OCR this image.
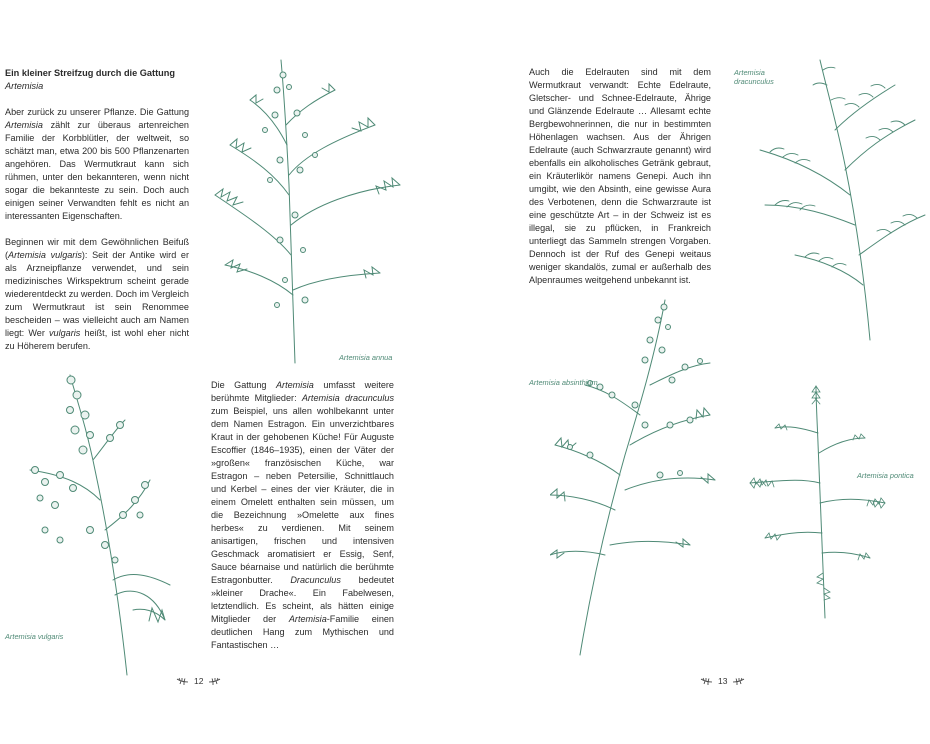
Ein kleiner Streifzug durch die Gattung
Artemisia

Aber zurück zu unserer Pflanze. Die Gattung Artemisia zählt zur überaus artenreichen Familie der Korbblütler, der weltweit, so schätzt man, etwa 200 bis 500 Pflanzenarten angehören. Das Wermutkraut kann sich rühmen, unter den bekannteren, wenn nicht sogar die bekannteste zu sein. Doch auch einigen seiner Verwandten fehlt es nicht an interessanten Eigenschaften.

Beginnen wir mit dem Gewöhnlichen Beifuß (Artemisia vulgaris): Seit der Antike wird er als Arzneipflanze verwendet, und sein medizinisches Wirkspektrum scheint gerade wiederentdeckt zu werden. Doch im Vergleich zum Wermutkraut ist sein Renommee bescheiden – was vielleicht auch am Namen liegt: Wer vulgaris heißt, ist wohl eher nicht zu Höherem berufen.

Artemisia annua
Artemisia vulgaris

Die Gattung Artemisia umfasst weitere berühmte Mitglieder: Artemisia dracunculus zum Beispiel, uns allen wohlbekannt unter dem Namen Estragon. Ein unverzichtbares Kraut in der gehobenen Küche! Für Auguste Escoffier (1846–1935), einen der Väter der »großen« französischen Küche, war Estragon – neben Petersilie, Schnittlauch und Kerbel – eines der vier Kräuter, die in einem Omelett enthalten sein müssen, um die Bezeichnung »Omelette aux fines herbes« zu verdienen. Mit seinem anisartigen, frischen und intensiven Geschmack aromatisiert er Essig, Senf, Sauce béarnaise und natürlich die berühmte Estragonbutter. Dracunculus bedeutet »kleiner Drache«. Ein Fabelwesen, letztendlich. Es scheint, als hätten einige Mitglieder der Artemisia-Familie einen deutlichen Hang zum Mythischen und Fantastischen …

12

Auch die Edelrauten sind mit dem Wermutkraut verwandt: Echte Edelraute, Gletscher- und Schnee-Edelraute, Ährige und Glänzende Edelraute … Allesamt echte Bergbewohnerinnen, die nur in bestimmten Höhenlagen wachsen. Aus der Ährigen Edelraute (auch Schwarzraute genannt) wird ebenfalls ein alkoholisches Getränk gebraut, ein Kräuterlikör namens Genepi. Auch ihn umgibt, wie den Absinth, eine gewisse Aura des Verbotenen, denn die Schwarzraute ist eine geschützte Art – in der Schweiz ist es illegal, sie zu pflücken, in Frankreich unterliegt das Sammeln strengen Vorgaben. Dennoch ist der Ruf des Genepi weitaus weniger skandalös, zumal er außerhalb des Alpenraumes weitgehend unbekannt ist.

Artemisia
dracunculus
Artemisia absinthium
Artemisia pontica
13
